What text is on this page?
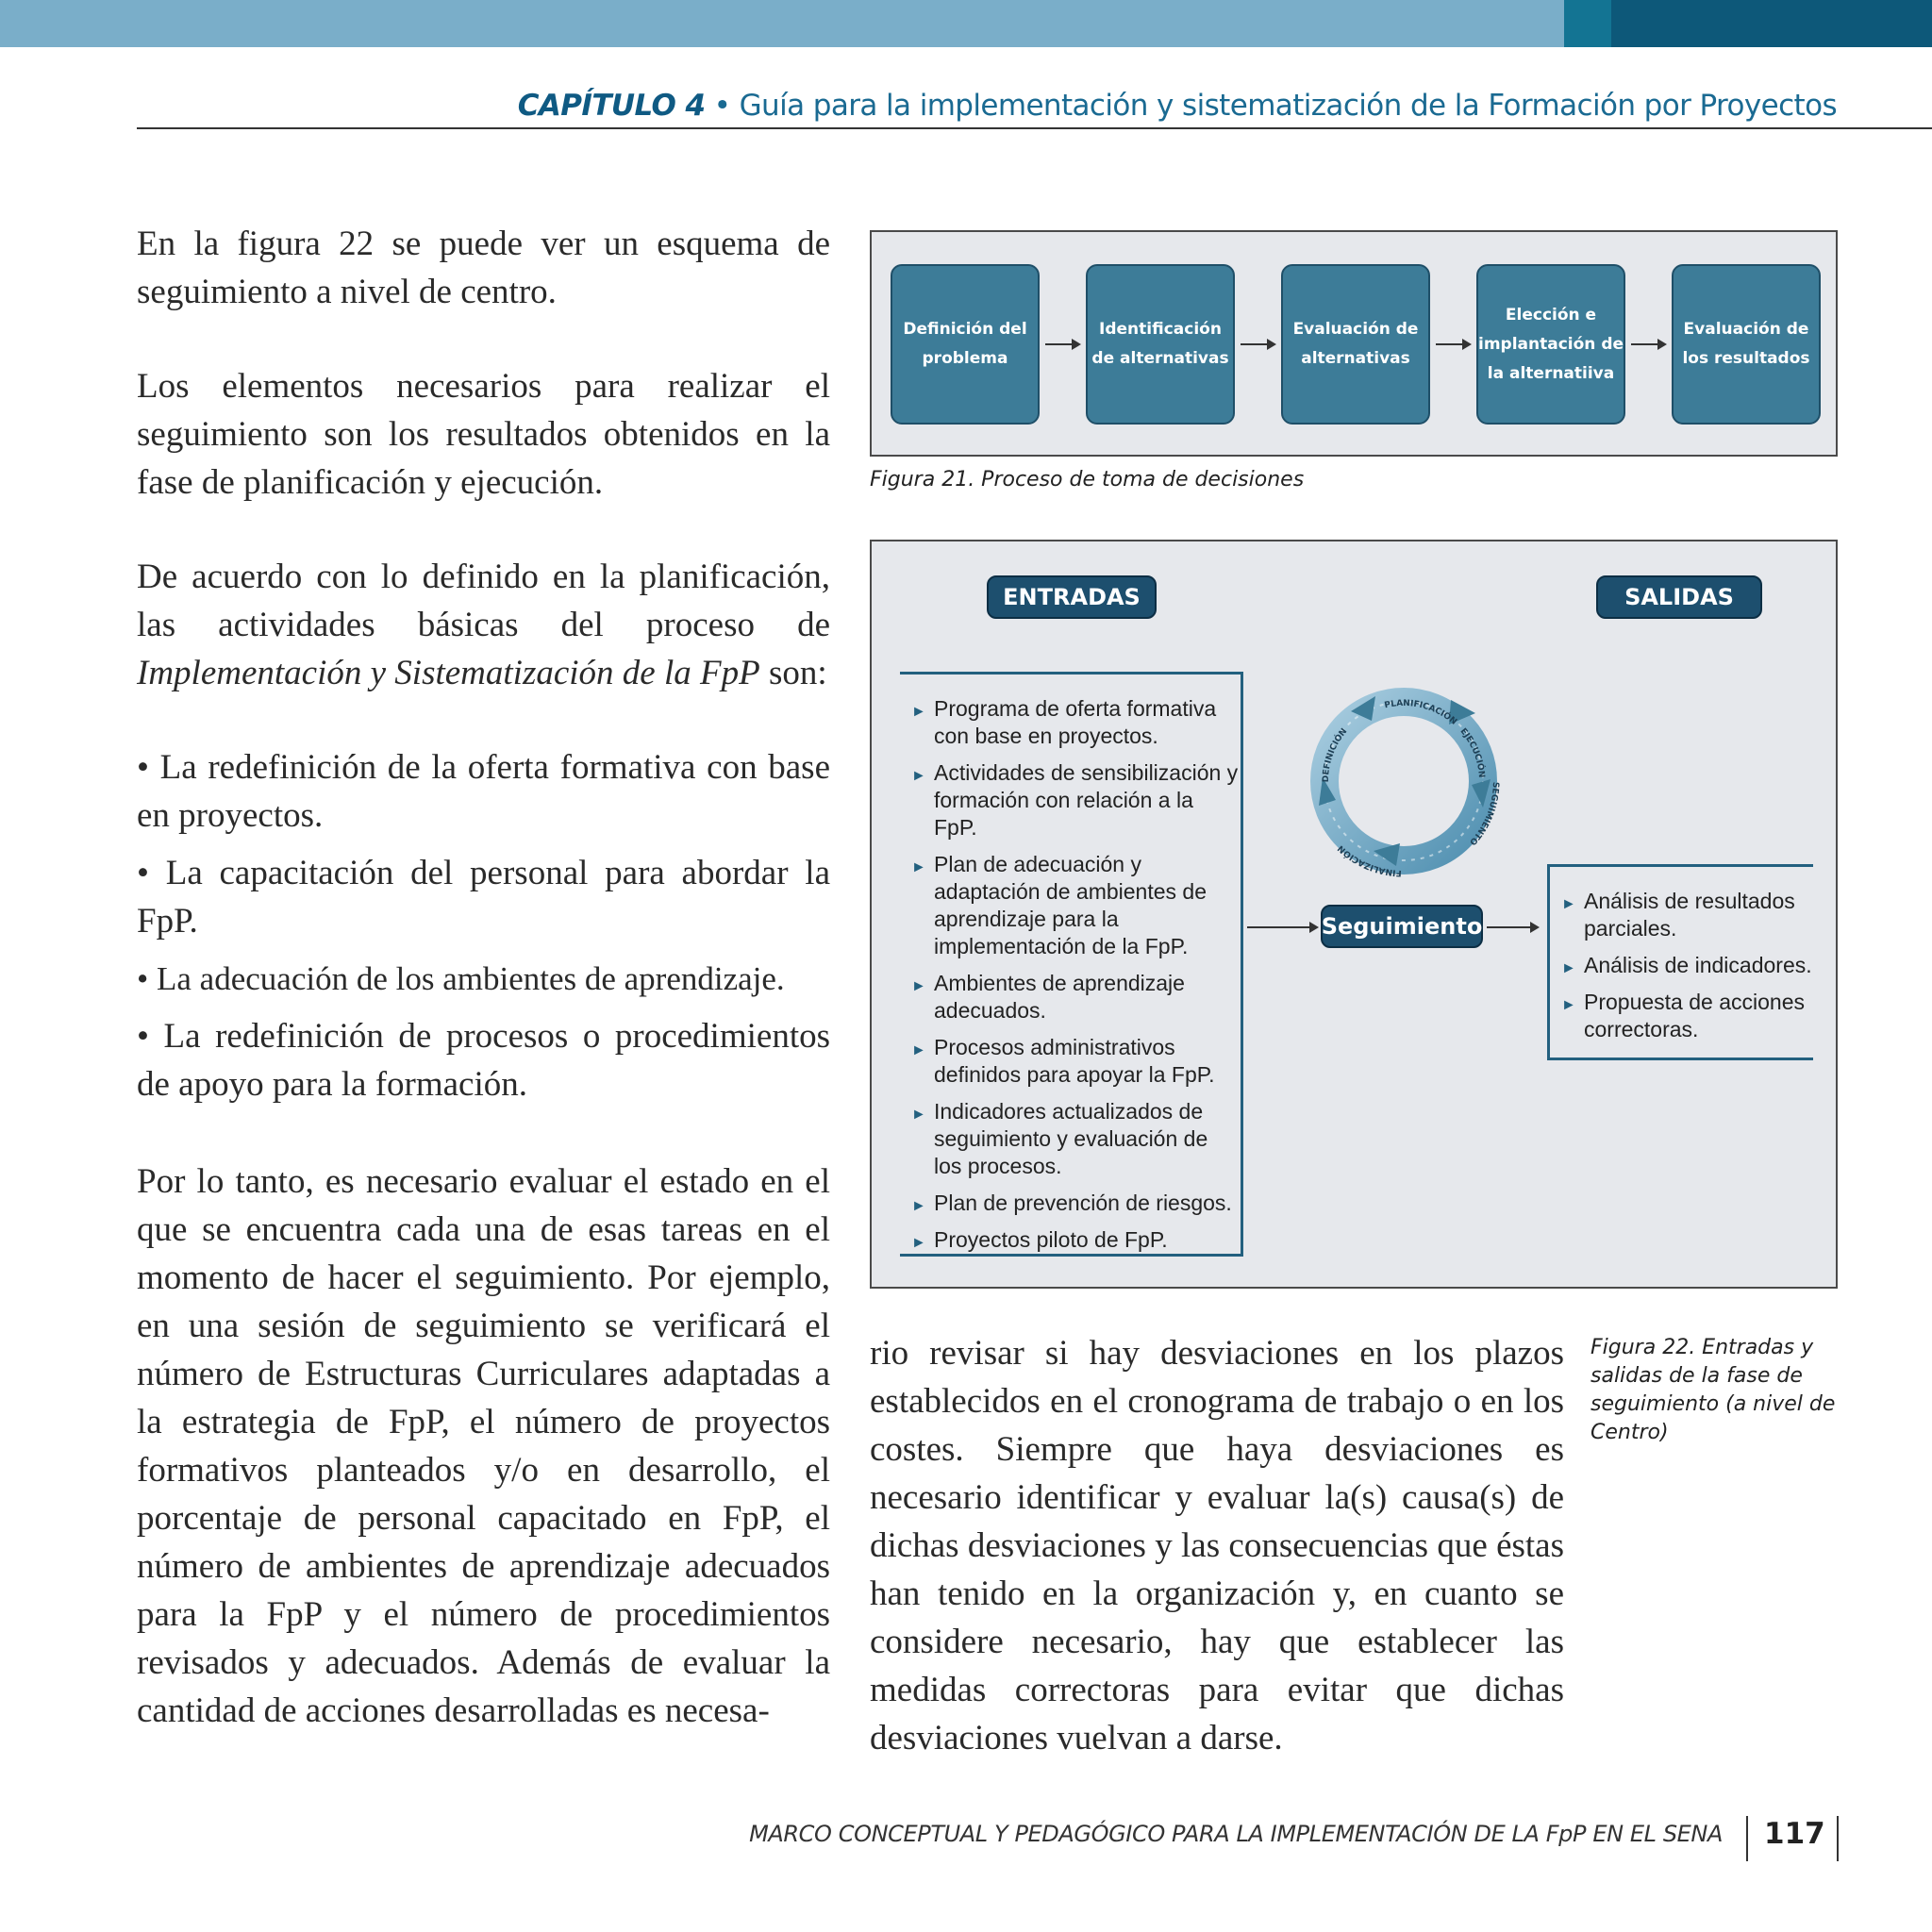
CAPÍTULO 4 • Guía para la implementación y sistematización de la Formación por Proyectos

En la figura 22 se puede ver un esquema de seguimiento a nivel de centro.

Los elementos necesarios para realizar el seguimiento son los resultados obtenidos en la fase de planificación y ejecución.

De acuerdo con lo definido en la planificación, las actividades básicas del proceso de Implementación y Sistematización de la FpP son:

• La redefinición de la oferta formativa con base en proyectos.
• La capacitación del personal para abordar la FpP.
• La adecuación de los ambientes de aprendizaje.
• La redefinición de procesos o procedimientos de apoyo para la formación.

Por lo tanto, es necesario evaluar el estado en el que se encuentra cada una de esas tareas en el momento de hacer el seguimiento. Por ejemplo, en una sesión de seguimiento se verificará el número de Estructuras Curriculares adaptadas a la estrategia de FpP, el número de proyectos formativos planteados y/o en desarrollo, el porcentaje de personal capacitado en FpP, el número de ambientes de aprendizaje adecuados para la FpP y el número de procedimientos revisados y adecuados. Además de evaluar la cantidad de acciones desarrolladas es necesa-

Definición del
problema
Identificación
de alternativas
Evaluación de
alternativas
Elección e
implantación de
la alternatiiva
Evaluación de
los resultados
Figura 21. Proceso de toma de decisiones
ENTRADAS	SALIDAS
► Programa de oferta formativa con base en proyectos.
► Actividades de sensibilización y formación con relación a la FpP.
► Plan de adecuación y adaptación de ambientes de aprendizaje para la implementación de la FpP.
► Ambientes de aprendizaje adecuados.
► Procesos administrativos definidos para apoyar la FpP.
► Indicadores actualizados de seguimiento y evaluación de los procesos.
► Plan de prevención de riesgos.
► Proyectos piloto de FpP.
PLANIFICACIÓN
EJECUCIÓN
SEGUIMIENTO
FINALIZACIÓN
DEFINICIÓN
Seguimiento
► Análisis de resultados parciales.
► Análisis de indicadores.
► Propuesta de acciones correctoras.

rio revisar si hay desviaciones en los plazos establecidos en el cronograma de trabajo o en los costes. Siempre que haya desviaciones es necesario identificar y evaluar la(s) causa(s) de dichas desviaciones y las consecuencias que éstas han tenido en la organización y, en cuanto se considere necesario, hay que establecer las medidas correctoras para evitar que dichas desviaciones vuelvan a darse.

Figura 22. Entradas y salidas de la fase de seguimiento (a nivel de Centro)
MARCO CONCEPTUAL Y PEDAGÓGICO PARA LA IMPLEMENTACIÓN DE LA FpP EN EL SENA 117
